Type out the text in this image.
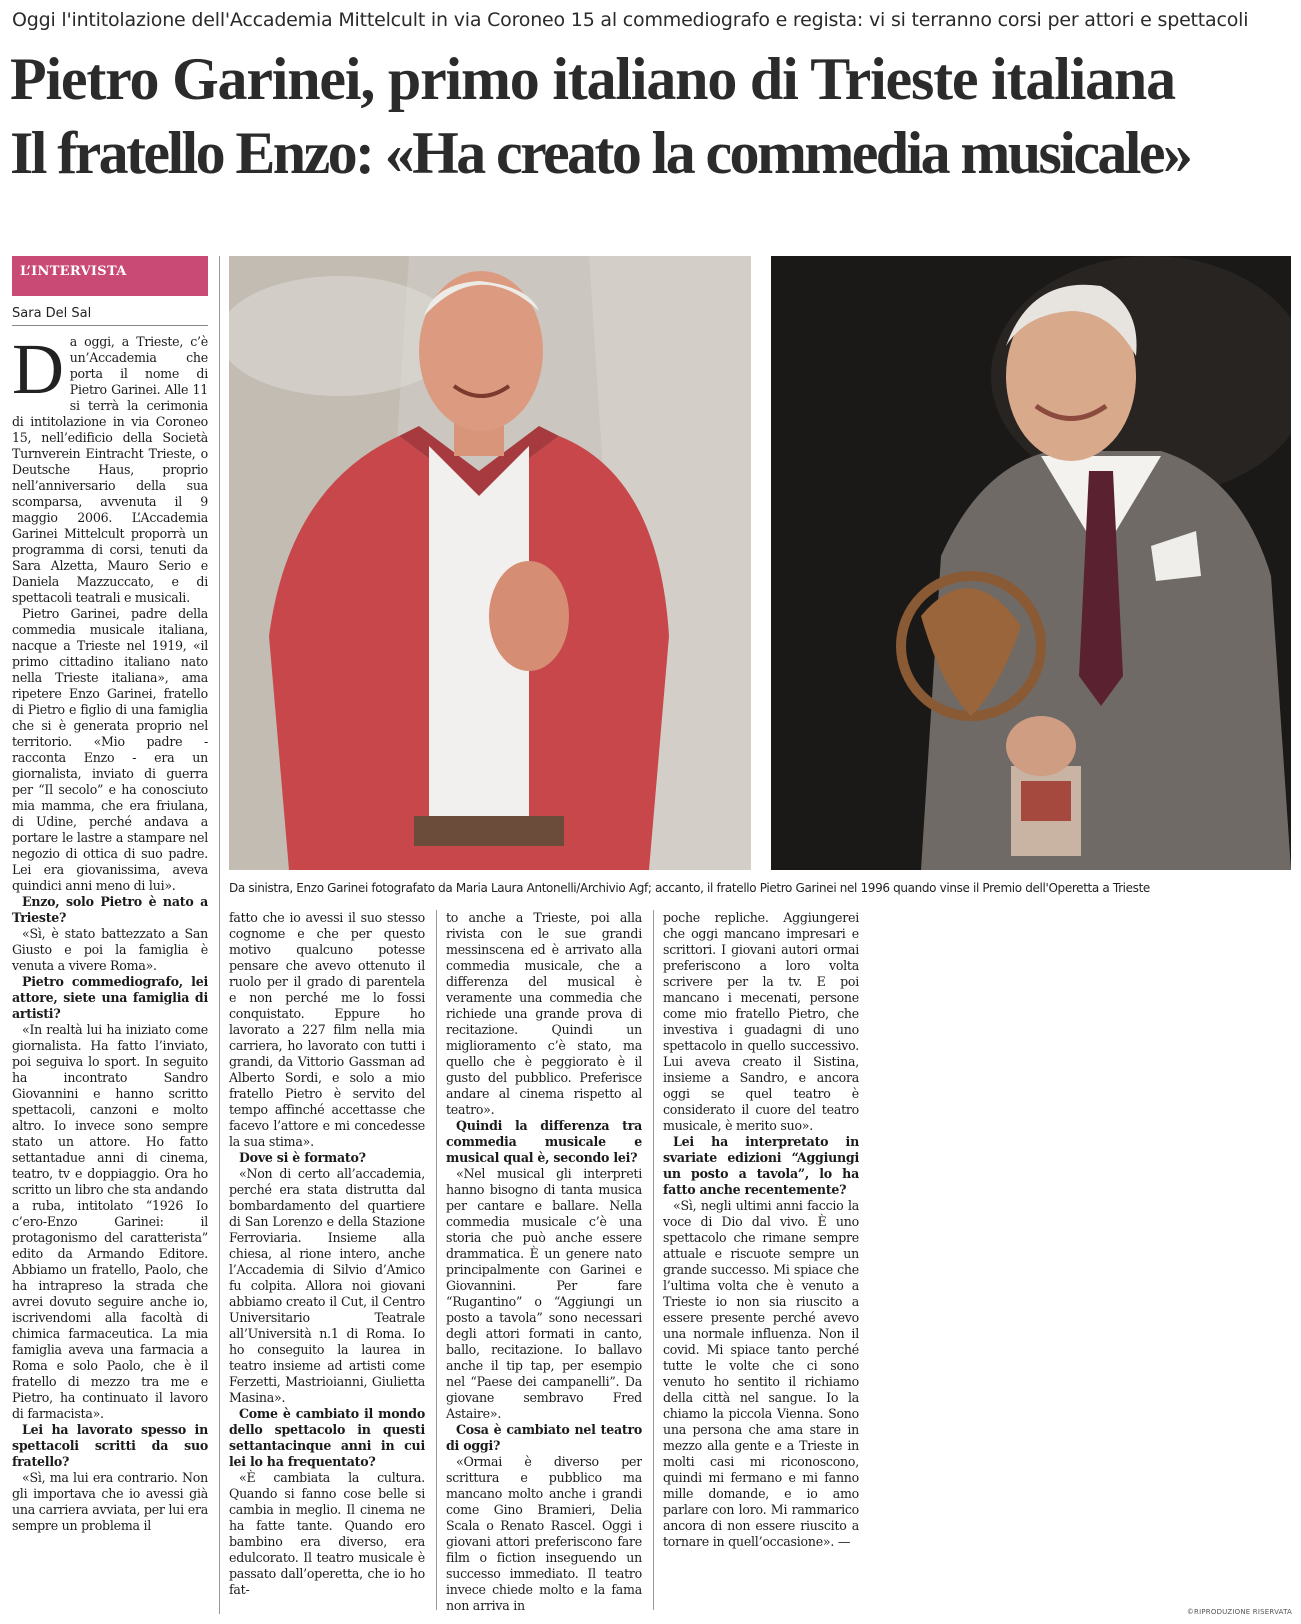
Oggi l'intitolazione dell'Accademia Mittelcult in via Coroneo 15 al commediografo e regista: vi si terranno corsi per attori e spettacoli
Pietro Garinei, primo italiano di Trieste italiana
Il fratello Enzo: «Ha creato la commedia musicale»
L’INTERVISTA
Sara Del Sal
Da sinistra, Enzo Garinei fotografato da Maria Laura Antonelli/Archivio Agf; accanto, il fratello Pietro Garinei nel 1996 quando vinse il Premio dell'Operetta a Trieste
D a oggi, a Trieste, c’è un’Accademia che porta il nome di Pietro Garinei. Alle 11 si terrà la cerimonia di intitolazione in via Coroneo 15, nell’edificio della Società Turnverein Eintracht Trieste, o Deutsche Haus, proprio nell’anniversario della sua scomparsa, avvenuta il 9 maggio 2006. L’Accademia Garinei Mittelcult proporrà un programma di corsi, tenuti da Sara Alzetta, Mauro Serio e Daniela Mazzuccato, e di spettacoli teatrali e musicali.

Pietro Garinei, padre della commedia musicale italiana, nacque a Trieste nel 1919, «il primo cittadino italiano nato nella Trieste italiana», ama ripetere Enzo Garinei, fratello di Pietro e figlio di una famiglia che si è generata proprio nel territorio. «Mio padre - racconta Enzo - era un giornalista, inviato di guerra per “Il secolo” e ha conosciuto mia mamma, che era friulana, di Udine, perché andava a portare le lastre a stampare nel negozio di ottica di suo padre. Lei era giovanissima, aveva quindici anni meno di lui».

Enzo, solo Pietro è nato a Trieste?

«Sì, è stato battezzato a San Giusto e poi la famiglia è venuta a vivere Roma».

Pietro commediografo, lei attore, siete una famiglia di artisti?

«In realtà lui ha iniziato come giornalista. Ha fatto l’inviato, poi seguiva lo sport. In seguito ha incontrato Sandro Giovannini e hanno scritto spettacoli, canzoni e molto altro. Io invece sono sempre stato un attore. Ho fatto settantadue anni di cinema, teatro, tv e doppiaggio. Ora ho scritto un libro che sta andando a ruba, intitolato “1926 Io c’ero-Enzo Garinei: il protagonismo del caratterista” edito da Armando Editore. Abbiamo un fratello, Paolo, che ha intrapreso la strada che avrei dovuto seguire anche io, iscrivendomi alla facoltà di chimica farmaceutica. La mia famiglia aveva una farmacia a Roma e solo Paolo, che è il fratello di mezzo tra me e Pietro, ha continuato il lavoro di farmacista».

Lei ha lavorato spesso in spettacoli scritti da suo fratello?

«Sì, ma lui era contrario. Non gli importava che io avessi già una carriera avviata, per lui era sempre un problema il

fatto che io avessi il suo stesso cognome e che per questo motivo qualcuno potesse pensare che avevo ottenuto il ruolo per il grado di parentela e non perché me lo fossi conquistato. Eppure ho lavorato a 227 film nella mia carriera, ho lavorato con tutti i grandi, da Vittorio Gassman ad Alberto Sordi, e solo a mio fratello Pietro è servito del tempo affinché accettasse che facevo l’attore e mi concedesse la sua stima».

Dove si è formato?

«Non di certo all’accademia, perché era stata distrutta dal bombardamento del quartiere di San Lorenzo e della Stazione Ferroviaria. Insieme alla chiesa, al rione intero, anche l’Accademia di Silvio d’Amico fu colpita. Allora noi giovani abbiamo creato il Cut, il Centro Universitario Teatrale all’Università n.1 di Roma. Io ho conseguito la laurea in teatro insieme ad artisti come Ferzetti, Mastrioianni, Giulietta Masina».

Come è cambiato il mondo dello spettacolo in questi settantacinque anni in cui lei lo ha frequentato?

«È cambiata la cultura. Quando si fanno cose belle si cambia in meglio. Il cinema ne ha fatte tante. Quando ero bambino era diverso, era edulcorato. Il teatro musicale è passato dall’operetta, che io ho fat-

to anche a Trieste, poi alla rivista con le sue grandi messinscena ed è arrivato alla commedia musicale, che a differenza del musical è veramente una commedia che richiede una grande prova di recitazione. Quindi un miglioramento c’è stato, ma quello che è peggiorato è il gusto del pubblico. Preferisce andare al cinema rispetto al teatro».

Quindi la differenza tra commedia musicale e musical qual è, secondo lei?

«Nel musical gli interpreti hanno bisogno di tanta musica per cantare e ballare. Nella commedia musicale c’è una storia che può anche essere drammatica. È un genere nato principalmente con Garinei e Giovannini. Per fare “Rugantino” o “Aggiungi un posto a tavola” sono necessari degli attori formati in canto, ballo, recitazione. Io ballavo anche il tip tap, per esempio nel “Paese dei campanelli”. Da giovane sembravo Fred Astaire».

Cosa è cambiato nel teatro di oggi?

«Ormai è diverso per scrittura e pubblico ma mancano molto anche i grandi come Gino Bramieri, Delia Scala o Renato Rascel. Oggi i giovani attori preferiscono fare film o fiction inseguendo un successo immediato. Il teatro invece chiede molto e la fama non arriva in

poche repliche. Aggiungerei che oggi mancano impresari e scrittori. I giovani autori ormai preferiscono a loro volta scrivere per la tv. E poi mancano i mecenati, persone come mio fratello Pietro, che investiva i guadagni di uno spettacolo in quello successivo. Lui aveva creato il Sistina, insieme a Sandro, e ancora oggi se quel teatro è considerato il cuore del teatro musicale, è merito suo».

Lei ha interpretato in svariate edizioni “Aggiungi un posto a tavola”, lo ha fatto anche recentemente?

«Sì, negli ultimi anni faccio la voce di Dio dal vivo. È uno spettacolo che rimane sempre attuale e riscuote sempre un grande successo. Mi spiace che l’ultima volta che è venuto a Trieste io non sia riuscito a essere presente perché avevo una normale influenza. Non il covid. Mi spiace tanto perché tutte le volte che ci sono venuto ho sentito il richiamo della città nel sangue. Io la chiamo la piccola Vienna. Sono una persona che ama stare in mezzo alla gente e a Trieste in molti casi mi riconoscono, quindi mi fermano e mi fanno mille domande, e io amo parlare con loro. Mi rammarico ancora di non essere riuscito a tornare in quell’occasione». —

©RIPRODUZIONE RISERVATA
